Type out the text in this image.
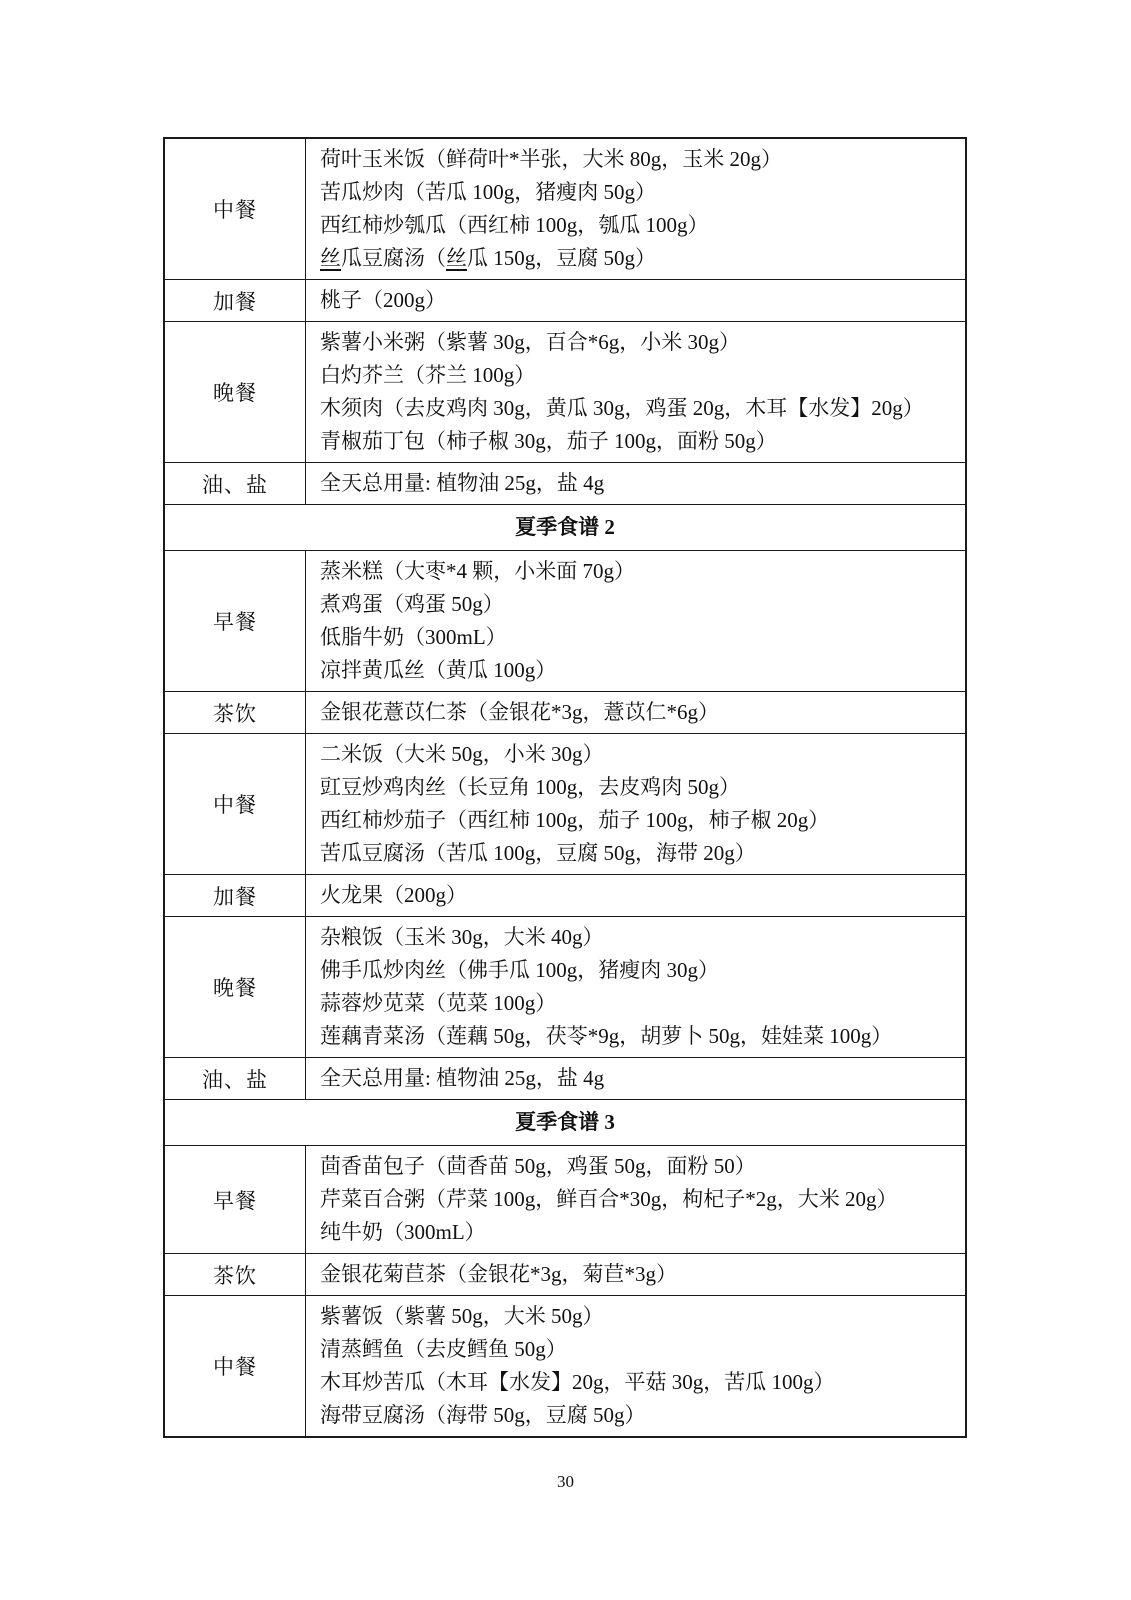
中餐	荷叶玉米饭（鲜荷叶*半张，大米 80g，玉米 20g）
苦瓜炒肉（苦瓜 100g，猪瘦肉 50g）
西红柿炒瓠瓜（西红柿 100g，瓠瓜 100g）
丝瓜豆腐汤（丝瓜 150g，豆腐 50g）

加餐	桃子（200g）

晚餐	紫薯小米粥（紫薯 30g，百合*6g，小米 30g）
白灼芥兰（芥兰 100g）
木须肉（去皮鸡肉 30g，黄瓜 30g，鸡蛋 20g，木耳【水发】20g）
青椒茄丁包（柿子椒 30g，茄子 100g，面粉 50g）

油、盐	全天总用量: 植物油 25g，盐 4g

夏季食谱 2	
早餐	蒸米糕（大枣*4 颗，小米面 70g）
煮鸡蛋（鸡蛋 50g）
低脂牛奶（300mL）
凉拌黄瓜丝（黄瓜 100g）

茶饮	金银花薏苡仁茶（金银花*3g，薏苡仁*6g）

中餐	二米饭（大米 50g，小米 30g）
豇豆炒鸡肉丝（长豆角 100g，去皮鸡肉 50g）
西红柿炒茄子（西红柿 100g，茄子 100g，柿子椒 20g）
苦瓜豆腐汤（苦瓜 100g，豆腐 50g，海带 20g）

加餐	火龙果（200g）

晚餐	杂粮饭（玉米 30g，大米 40g）
佛手瓜炒肉丝（佛手瓜 100g，猪瘦肉 30g）
蒜蓉炒苋菜（苋菜 100g）
莲藕青菜汤（莲藕 50g，茯苓*9g，胡萝卜 50g，娃娃菜 100g）

油、盐	全天总用量: 植物油 25g，盐 4g

夏季食谱 3	
早餐	茴香苗包子（茴香苗 50g，鸡蛋 50g，面粉 50）
芹菜百合粥（芹菜 100g，鲜百合*30g，枸杞子*2g，大米 20g）
纯牛奶（300mL）

茶饮	金银花菊苣茶（金银花*3g，菊苣*3g）

中餐	紫薯饭（紫薯 50g，大米 50g）
清蒸鳕鱼（去皮鳕鱼 50g）
木耳炒苦瓜（木耳【水发】20g，平菇 30g，苦瓜 100g）
海带豆腐汤（海带 50g，豆腐 50g）
30
